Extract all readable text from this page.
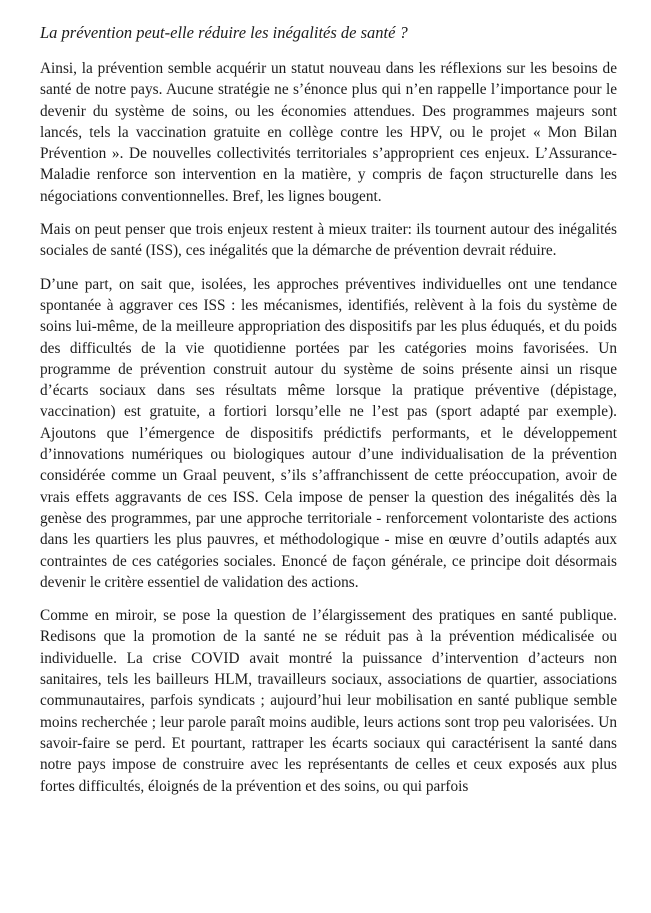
La prévention peut-elle réduire les inégalités de santé ?

Ainsi, la prévention semble acquérir un statut nouveau dans les réflexions sur les besoins de santé de notre pays. Aucune stratégie ne s’énonce plus qui n’en rappelle l’importance pour le devenir du système de soins, ou les économies attendues. Des programmes majeurs sont lancés, tels la vaccination gratuite en collège contre les HPV, ou le projet « Mon Bilan Prévention ». De nouvelles collectivités territoriales s’approprient ces enjeux. L’Assurance-Maladie renforce son intervention en la matière, y compris de façon structurelle dans les négociations conventionnelles. Bref, les lignes bougent.

Mais on peut penser que trois enjeux restent à mieux traiter: ils tournent autour des inégalités sociales de santé (ISS), ces inégalités que la démarche de prévention devrait réduire.

D’une part, on sait que, isolées, les approches préventives individuelles ont une tendance spontanée à aggraver ces ISS : les mécanismes, identifiés, relèvent à la fois du système de soins lui-même, de la meilleure appropriation des dispositifs par les plus éduqués, et du poids des difficultés de la vie quotidienne portées par les catégories moins favorisées. Un programme de prévention construit autour du système de soins présente ainsi un risque d’écarts sociaux dans ses résultats même lorsque la pratique préventive (dépistage, vaccination) est gratuite, a fortiori lorsqu’elle ne l’est pas (sport adapté par exemple). Ajoutons que l’émergence de dispositifs prédictifs performants, et le développement d’innovations numériques ou biologiques autour d’une individualisation de la prévention considérée comme un Graal peuvent, s’ils s’affranchissent de cette préoccupation, avoir de vrais effets aggravants de ces ISS. Cela impose de penser la question des inégalités dès la genèse des programmes, par une approche territoriale - renforcement volontariste des actions dans les quartiers les plus pauvres, et méthodologique - mise en œuvre d’outils adaptés aux contraintes de ces catégories sociales. Enoncé de façon générale, ce principe doit désormais devenir le critère essentiel de validation des actions.

Comme en miroir, se pose la question de l’élargissement des pratiques en santé publique. Redisons que la promotion de la santé ne se réduit pas à la prévention médicalisée ou individuelle. La crise COVID avait montré la puissance d’intervention d’acteurs non sanitaires, tels les bailleurs HLM, travailleurs sociaux, associations de quartier, associations communautaires, parfois syndicats ; aujourd’hui leur mobilisation en santé publique semble moins recherchée ; leur parole paraît moins audible, leurs actions sont trop peu valorisées. Un savoir-faire se perd. Et pourtant, rattraper les écarts sociaux qui caractérisent la santé dans notre pays impose de construire avec les représentants de celles et ceux exposés aux plus fortes difficultés, éloignés de la prévention et des soins, ou qui parfois
